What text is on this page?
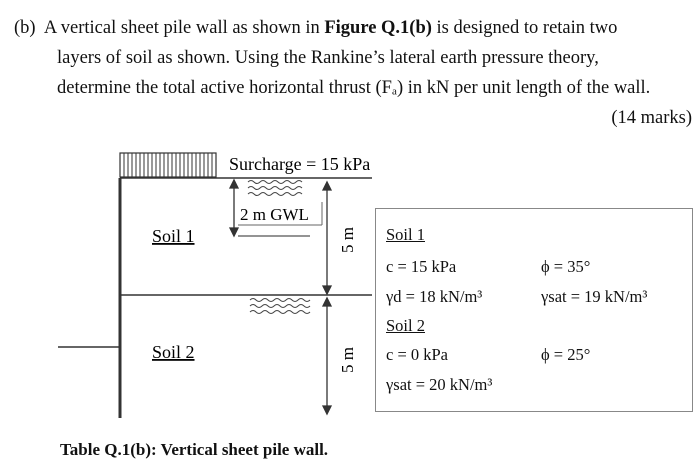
(b) A vertical sheet pile wall as shown in Figure Q.1(b) is designed to retain two
layers of soil as shown. Using the Rankine’s lateral earth pressure theory,
determine the total active horizontal thrust (Fₐ) in kN per unit length of the wall.
(14 marks)
Surcharge = 15 kPa
2 m GWL
5 m
5 m
Soil 1
Soil 2
Soil 1
c = 15 kPa	ϕ = 35°
γd = 18 kN/m³	γsat = 19 kN/m³
Soil 2
c = 0 kPa	ϕ = 25°
γsat = 20 kN/m³
Table Q.1(b): Vertical sheet pile wall.
